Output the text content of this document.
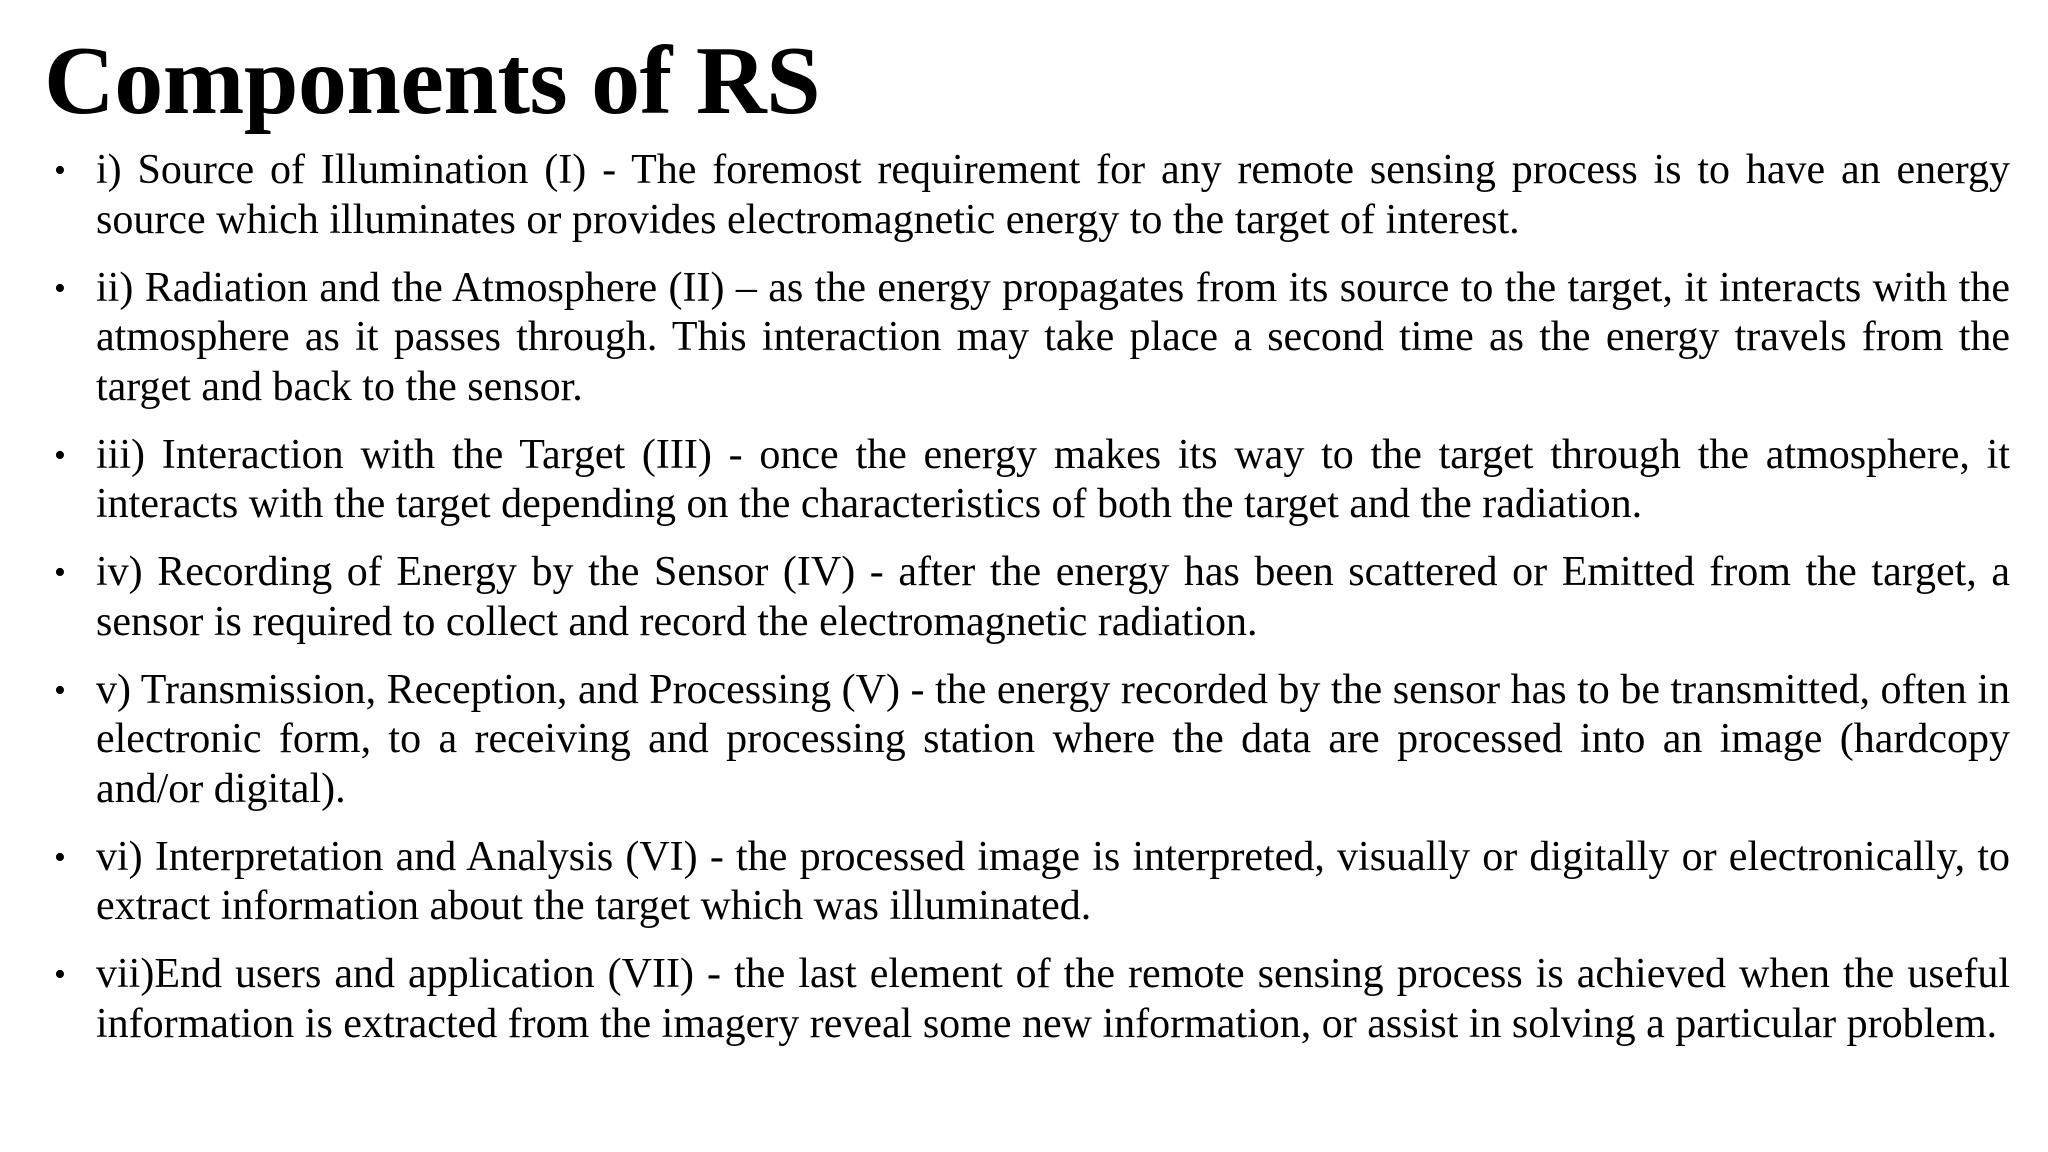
Components of RS
• i) Source of Illumination (I) - The foremost requirement for any remote sensing process is to have an energy source which illuminates or provides electromagnetic energy to the target of interest.
• ii) Radiation and the Atmosphere (II) – as the energy propagates from its source to the target, it interacts with the atmosphere as it passes through. This interaction may take place a second time as the energy travels from the target and back to the sensor.
• iii) Interaction with the Target (III) - once the energy makes its way to the target through the atmosphere, it interacts with the target depending on the characteristics of both the target and the radiation.
• iv) Recording of Energy by the Sensor (IV) - after the energy has been scattered or Emitted from the target, a sensor is required to collect and record the electromagnetic radiation.
• v) Transmission, Reception, and Processing (V) - the energy recorded by the sensor has to be transmitted, often in electronic form, to a receiving and processing station where the data are processed into an image (hardcopy and/or digital).
• vi) Interpretation and Analysis (VI) - the processed image is interpreted, visually or digitally or electronically, to extract information about the target which was illuminated.
• vii)End users and application (VII) - the last element of the remote sensing process is achieved when the useful information is extracted from the imagery reveal some new information, or assist in solving a particular problem.
